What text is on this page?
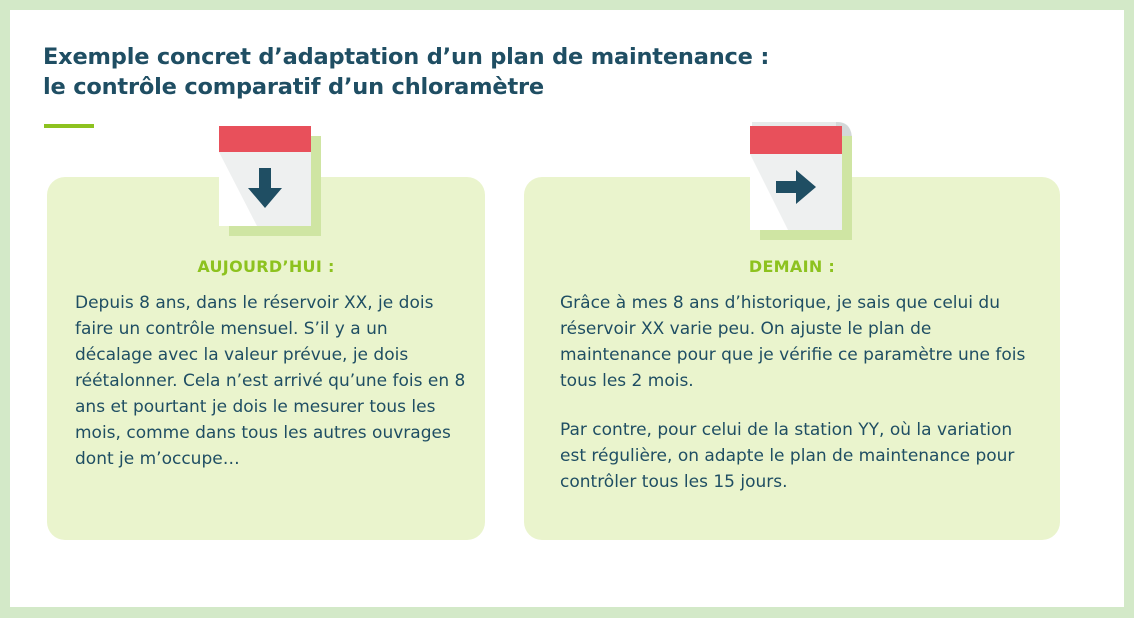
Exemple concret d’adaptation d’un plan de maintenance :
le contrôle comparatif d’un chloramètre

AUJOURD’HUI :

Depuis 8 ans, dans le réservoir XX, je dois faire un contrôle mensuel. S’il y a un décalage avec la valeur prévue, je dois réétalonner. Cela n’est arrivé qu’une fois en 8 ans et pourtant je dois le mesurer tous les mois, comme dans tous les autres ouvrages dont je m’occupe…

DEMAIN :

Grâce à mes 8 ans d’historique, je sais que celui du réservoir XX varie peu. On ajuste le plan de maintenance pour que je vérifie ce paramètre une fois tous les 2 mois.

Par contre, pour celui de la station YY, où la variation est régulière, on adapte le plan de maintenance pour contrôler tous les 15 jours.
